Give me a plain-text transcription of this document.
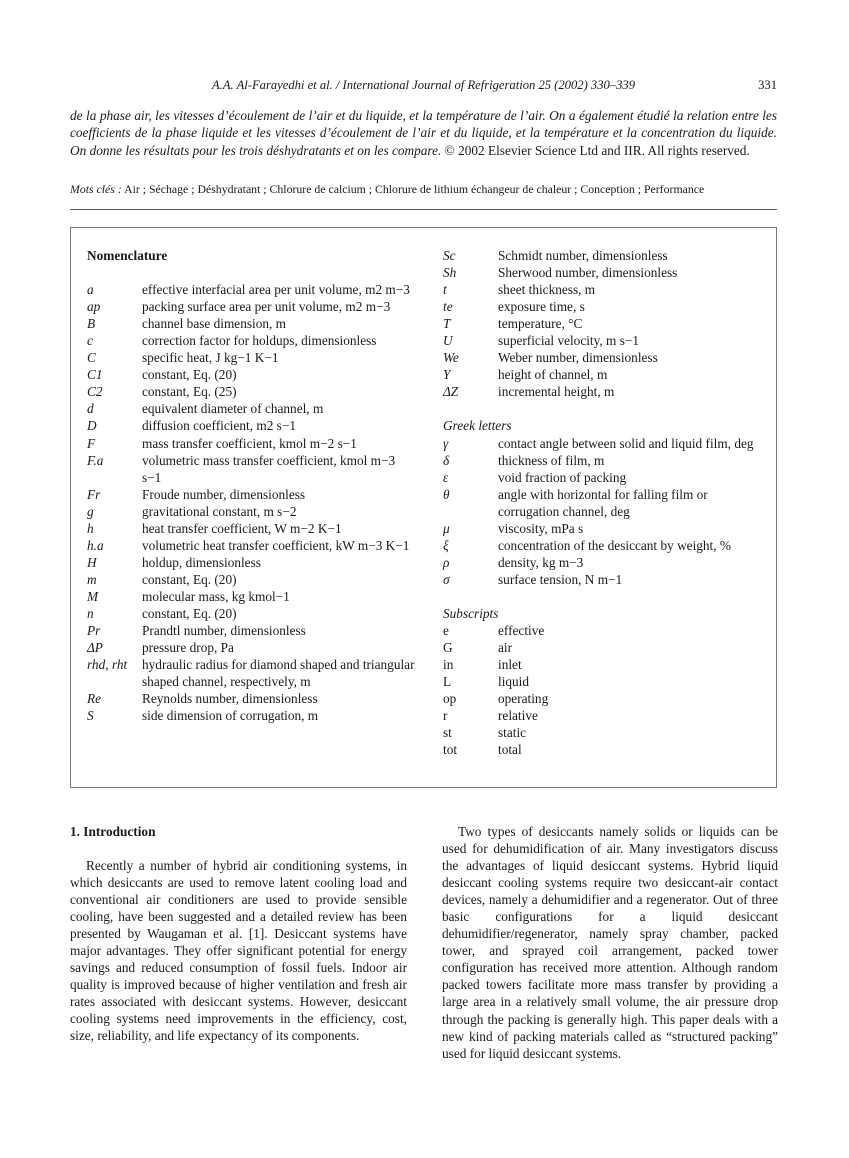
A.A. Al-Farayedhi et al. / International Journal of Refrigeration 25 (2002) 330–339	331
de la phase air, les vitesses d’écoulement de l’air et du liquide, et la température de l’air. On a également étudié la relation entre les coefficients de la phase liquide et les vitesses d’écoulement de l’air et du liquide, et la température et la concentration du liquide. On donne les résultats pour les trois déshydratants et on les compare. © 2002 Elsevier Science Ltd and IIR. All rights reserved.
Mots clés : Air ; Séchage ; Déshydratant ; Chlorure de calcium ; Chlorure de lithium échangeur de chaleur ; Conception ; Performance
Nomenclature
a	effective interfacial area per unit volume, m2 m−3
ap	packing surface area per unit volume, m2 m−3
B	channel base dimension, m
c	correction factor for holdups, dimensionless
C	specific heat, J kg−1 K−1
C1	constant, Eq. (20)
C2	constant, Eq. (25)
d	equivalent diameter of channel, m
D	diffusion coefficient, m2 s−1
F	mass transfer coefficient, kmol m−2 s−1
F.a	volumetric mass transfer coefficient, kmol m−3 s−1
Fr	Froude number, dimensionless
g	gravitational constant, m s−2
h	heat transfer coefficient, W m−2 K−1
h.a	volumetric heat transfer coefficient, kW m−3 K−1
H	holdup, dimensionless
m	constant, Eq. (20)
M	molecular mass, kg kmol−1
n	constant, Eq. (20)
Pr	Prandtl number, dimensionless
ΔP	pressure drop, Pa
rhd, rht	hydraulic radius for diamond shaped and triangular shaped channel, respectively, m
Re	Reynolds number, dimensionless
S	side dimension of corrugation, m
Sc	Schmidt number, dimensionless
Sh	Sherwood number, dimensionless
t	sheet thickness, m
te	exposure time, s
T	temperature, °C
U	superficial velocity, m s−1
We	Weber number, dimensionless
Y	height of channel, m
ΔZ	incremental height, m
Greek letters
γ	contact angle between solid and liquid film, deg
δ	thickness of film, m
ε	void fraction of packing
θ	angle with horizontal for falling film or corrugation channel, deg
μ	viscosity, mPa s
ξ	concentration of the desiccant by weight, %
ρ	density, kg m−3
σ	surface tension, N m−1
Subscripts
e	effective
G	air
in	inlet
L	liquid
op	operating
r	relative
st	static
tot	total
1. Introduction
Recently a number of hybrid air conditioning systems, in which desiccants are used to remove latent cooling load and conventional air conditioners are used to provide sensible cooling, have been suggested and a detailed review has been presented by Waugaman et al. [1]. Desiccant systems have major advantages. They offer significant potential for energy savings and reduced consumption of fossil fuels. Indoor air quality is improved because of higher ventilation and fresh air rates associated with desiccant systems. However, desiccant cooling systems need improvements in the efficiency, cost, size, reliability, and life expectancy of its components.
Two types of desiccants namely solids or liquids can be used for dehumidification of air. Many investigators discuss the advantages of liquid desiccant systems. Hybrid liquid desiccant cooling systems require two desiccant-air contact devices, namely a dehumidifier and a regenerator. Out of three basic configurations for a liquid desiccant dehumidifier/regenerator, namely spray chamber, packed tower, and sprayed coil arrangement, packed tower configuration has received more attention. Although random packed towers facilitate more mass transfer by providing a large area in a relatively small volume, the air pressure drop through the packing is generally high. This paper deals with a new kind of packing materials called as “structured packing” used for liquid desiccant systems.
